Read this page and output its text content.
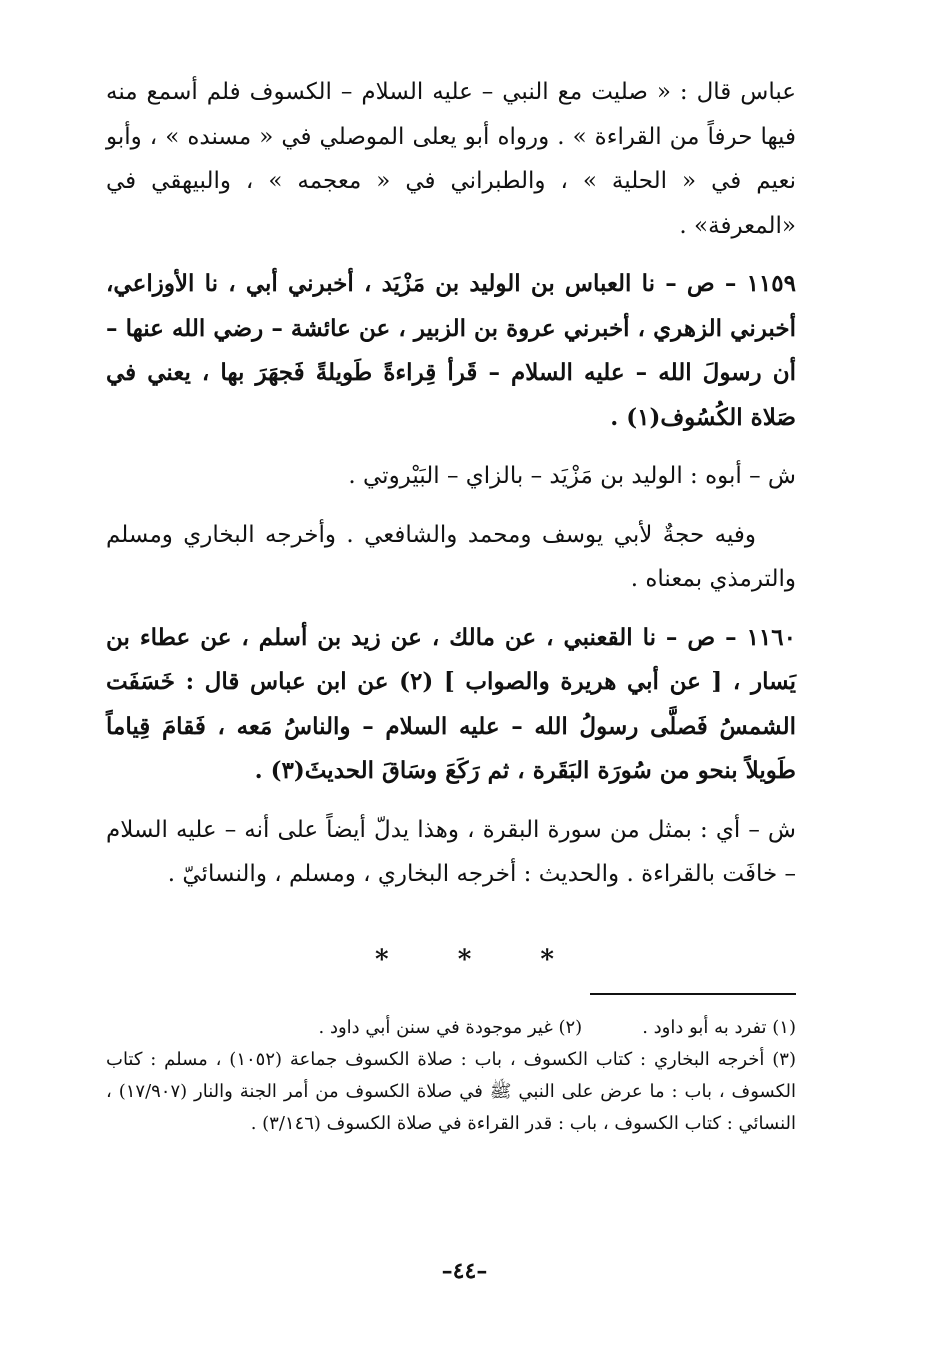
عباس قال : « صليت مع النبي – عليه السلام – الكسوف فلم أسمع منه فيها حرفاً من القراءة » . ورواه أبو يعلى الموصلي في « مسنده » ، وأبو نعيم في « الحلية » ، والطبراني في « معجمه » ، والبيهقي في «المعرفة» .

١١٥٩ – ص – نا العباس بن الوليد بن مَزْيَد ، أخبرني أبي ، نا الأوزاعي، أخبرني الزهري ، أخبرني عروة بن الزبير ، عن عائشة – رضي الله عنها – أن رسولَ الله – عليه السلام – قَرأ قِراءةً طَويلةً فَجهَرَ بها ، يعني في صَلاة الكُسُوف(١) .

ش – أبوه : الوليد بن مَزْيَد – بالزاي – البَيْروتي .

وفيه حجةٌ لأبي يوسف ومحمد والشافعي . وأخرجه البخاري ومسلم والترمذي بمعناه .

١١٦٠ – ص – نا القعنبي ، عن مالك ، عن زيد بن أسلم ، عن عطاء بن يَسار ، [ عن أبي هريرة والصواب ] (٢) عن ابن عباس قال : خَسَفَت الشمسُ فَصلَّى رسولُ الله – عليه السلام – والناسُ مَعه ، فَقامَ قِياماً طَويلاً بنحو من سُورَة البَقَرة ، ثم رَكَعَ وسَاقَ الحديثَ(٣) .

ش – أي : بمثل من سورة البقرة ، وهذا يدلّ أيضاً على أنه – عليه السلام – خافَت بالقراءة . والحديث : أخرجه البخاري ، ومسلم ، والنسائيّ .

*	*	*
(١) تفرد به أبو داود .
(٢) غير موجودة في سنن أبي داود .

(٣) أخرجه البخاري : كتاب الكسوف ، باب : صلاة الكسوف جماعة (١٠٥٢) ، مسلم : كتاب الكسوف ، باب : ما عرض على النبي ﷺ في صلاة الكسوف من أمر الجنة والنار (١٧/٩٠٧) ، النسائي : كتاب الكسوف ، باب : قدر القراءة في صلاة الكسوف (٣/١٤٦) .

–٤٤–
